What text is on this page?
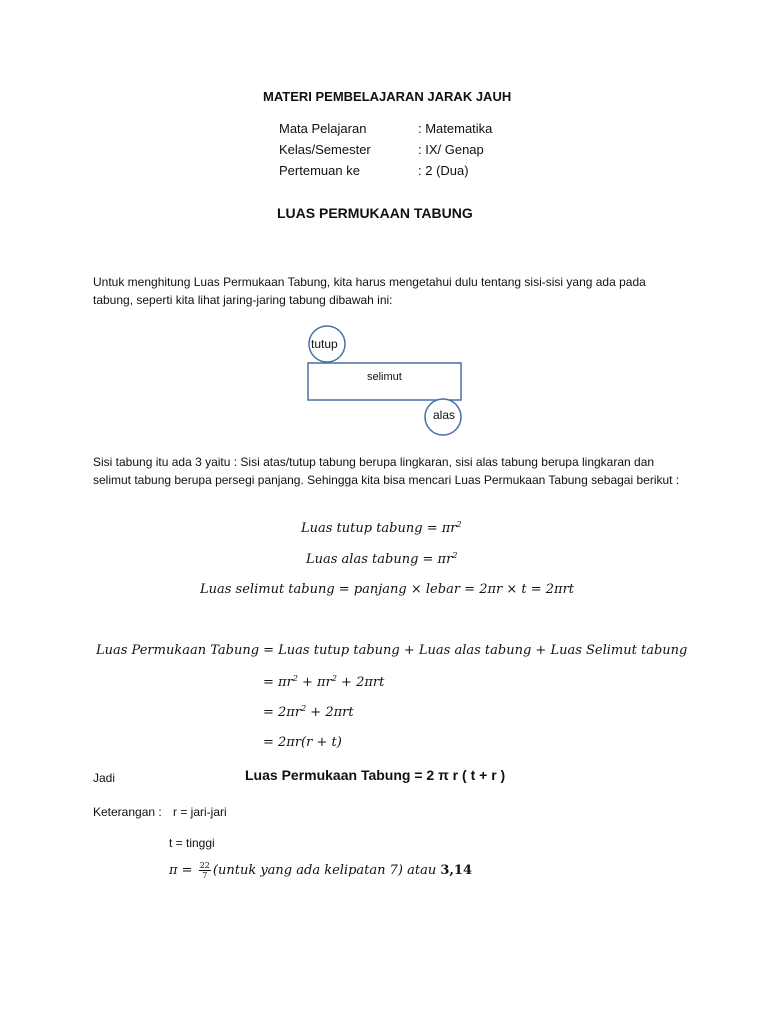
MATERI PEMBELAJARAN JARAK JAUH
Mata Pelajaran	: Matematika
Kelas/Semester	: IX/ Genap
Pertemuan ke	: 2 (Dua)
LUAS PERMUKAAN TABUNG
Untuk menghitung Luas Permukaan Tabung, kita harus mengetahui dulu tentang sisi-sisi yang ada pada tabung, seperti kita lihat jaring-jaring tabung dibawah ini:
tutup
selimut
alas
Sisi tabung itu ada 3 yaitu : Sisi atas/tutup tabung berupa lingkaran, sisi alas tabung berupa lingkaran dan selimut tabung berupa persegi panjang. Sehingga kita bisa mencari Luas Permukaan Tabung sebagai berikut :
Luas tutup tabung = $\pi r^2$
Luas alas tabung = $\pi r^2$
Luas selimut tabung = panjang × lebar = 2πr × t = 2πrt
Luas Permukaan Tabung = Luas tutup tabung + Luas alas tabung + Luas Selimut tabung
= $\pi r^2 + \pi r^2 + 2\pi rt$
= $2\pi r^2 + 2\pi rt$
= 2πr(r + t)
Jadi	Luas Permukaan Tabung = 2 π r ( t + r )
Keterangan : r = jari-jari
t = tinggi
$\pi = \frac{22}{7}$ (untuk yang ada kelipatan 7) atau 3,14
